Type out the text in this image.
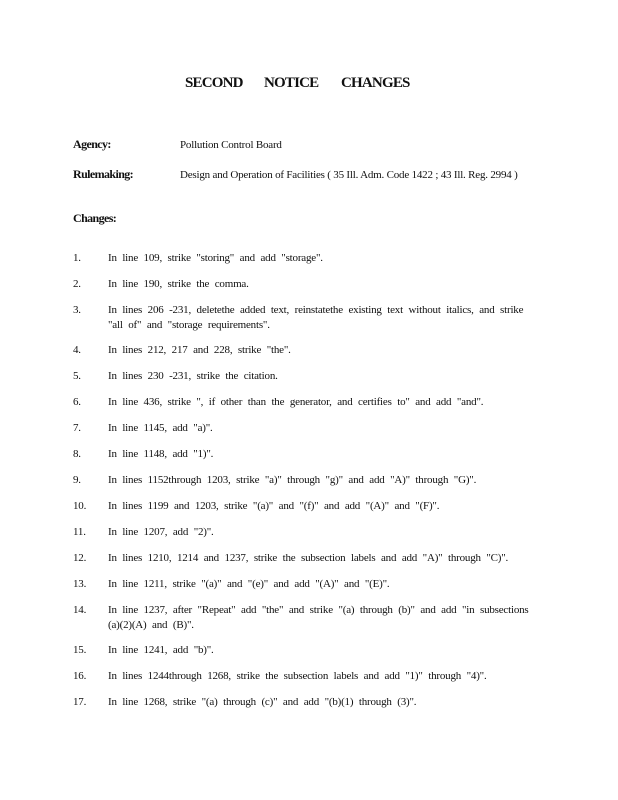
SECOND NOTICE CHANGES
Agency:	Pollution Control Board
Rulemaking:	Design and Operation of Facilities ( 35 Ill. Adm. Code 1422 ; 43 Ill. Reg. 2994 )
Changes:
1. In line 109, strike "storing" and add "storage".
2. In line 190, strike the comma.
3. In lines 206 -231, deletethe added text, reinstatethe existing text without italics, and strike "all of" and "storage requirements".
4. In lines 212, 217 and 228, strike "the".
5. In lines 230 -231, strike the citation.
6. In line 436, strike ", if other than the generator, and certifies to" and add "and".
7. In line 1145, add "a)".
8. In line 1148, add "1)".
9. In lines 1152through 1203, strike "a)" through "g)" and add "A)" through "G)".
10. In lines 1199 and 1203, strike "(a)" and "(f)" and add "(A)" and "(F)".
11. In line 1207, add "2)".
12. In lines 1210, 1214 and 1237, strike the subsection labels and add "A)" through "C)".
13. In line 1211, strike "(a)" and "(e)" and add "(A)" and "(E)".
14. In line 1237, after "Repeat" add "the" and strike "(a) through (b)" and add "in subsections (a)(2)(A) and (B)".
15. In line 1241, add "b)".
16. In lines 1244through 1268, strike the subsection labels and add "1)" through "4)".
17. In line 1268, strike "(a) through (c)" and add "(b)(1) through (3)".
